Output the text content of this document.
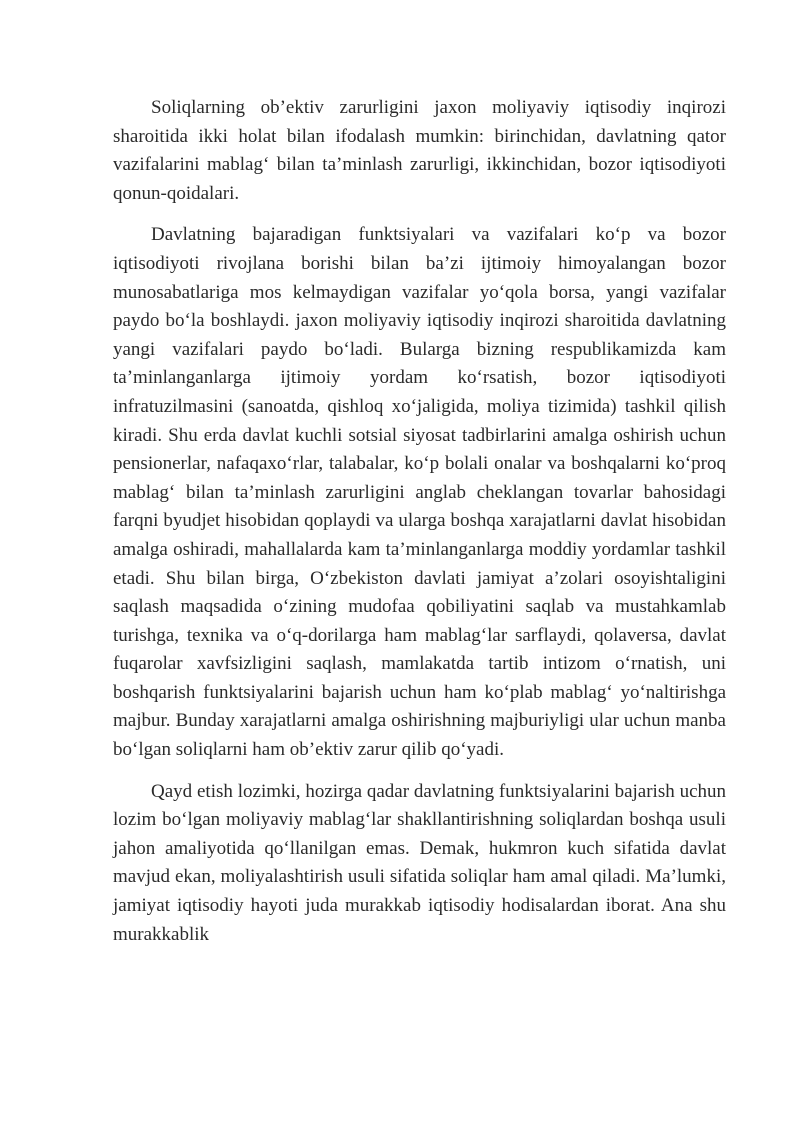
Soliqlarning ob’ektiv zarurligini jaxon moliyaviy iqtisodiy inqirozi sharoitida ikki holat bilan ifodalash mumkin: birinchidan, davlatning qator vazifalarini mablag‘ bilan ta’minlash zarurligi, ikkinchidan, bozor iqtisodiyoti qonun-qoidalari.

Davlatning bajaradigan funktsiyalari va vazifalari ko‘p va bozor iqtisodiyoti rivojlana borishi bilan ba’zi ijtimoiy himoyalangan bozor munosabatlariga mos kelmaydigan vazifalar yo‘qola borsa, yangi vazifalar paydo bo‘la boshlaydi. jaxon moliyaviy iqtisodiy inqirozi sharoitida davlatning yangi vazifalari paydo bo‘ladi. Bularga bizning respublikamizda kam ta’minlanganlarga ijtimoiy yordam ko‘rsatish, bozor iqtisodiyoti infratuzilmasini (sanoatda, qishloq xo‘jaligida, moliya tizimida) tashkil qilish kiradi. Shu erda davlat kuchli sotsial siyosat tadbirlarini amalga oshirish uchun pensionerlar, nafaqaxo‘rlar, talabalar, ko‘p bolali onalar va boshqalarni ko‘proq mablag‘ bilan ta’minlash zarurligini anglab cheklangan tovarlar bahosidagi farqni byudjet hisobidan qoplaydi va ularga boshqa xarajatlarni davlat hisobidan amalga oshiradi, mahallalarda kam ta’minlanganlarga moddiy yordamlar tashkil etadi. Shu bilan birga, O‘zbekiston davlati jamiyat a’zolari osoyishtaligini saqlash maqsadida o‘zining mudofaa qobiliyatini saqlab va mustahkamlab turishga, texnika va o‘q-dorilarga ham mablag‘lar sarflaydi, qolaversa, davlat fuqarolar xavfsizligini saqlash, mamlakatda tartib intizom o‘rnatish, uni boshqarish funktsiyalarini bajarish uchun ham ko‘plab mablag‘ yo‘naltirishga majbur. Bunday xarajatlarni amalga oshirishning majburiyligi ular uchun manba bo‘lgan soliqlarni ham ob’ektiv zarur qilib qo‘yadi.

Qayd etish lozimki, hozirga qadar davlatning funktsiyalarini bajarish uchun lozim bo‘lgan moliyaviy mablag‘lar shakllantirishning soliqlardan boshqa usuli jahon amaliyotida qo‘llanilgan emas. Demak, hukmron kuch sifatida davlat mavjud ekan, moliyalashtirish usuli sifatida soliqlar ham amal qiladi. Ma’lumki, jamiyat iqtisodiy hayoti juda murakkab iqtisodiy hodisalardan iborat. Ana shu murakkablik
